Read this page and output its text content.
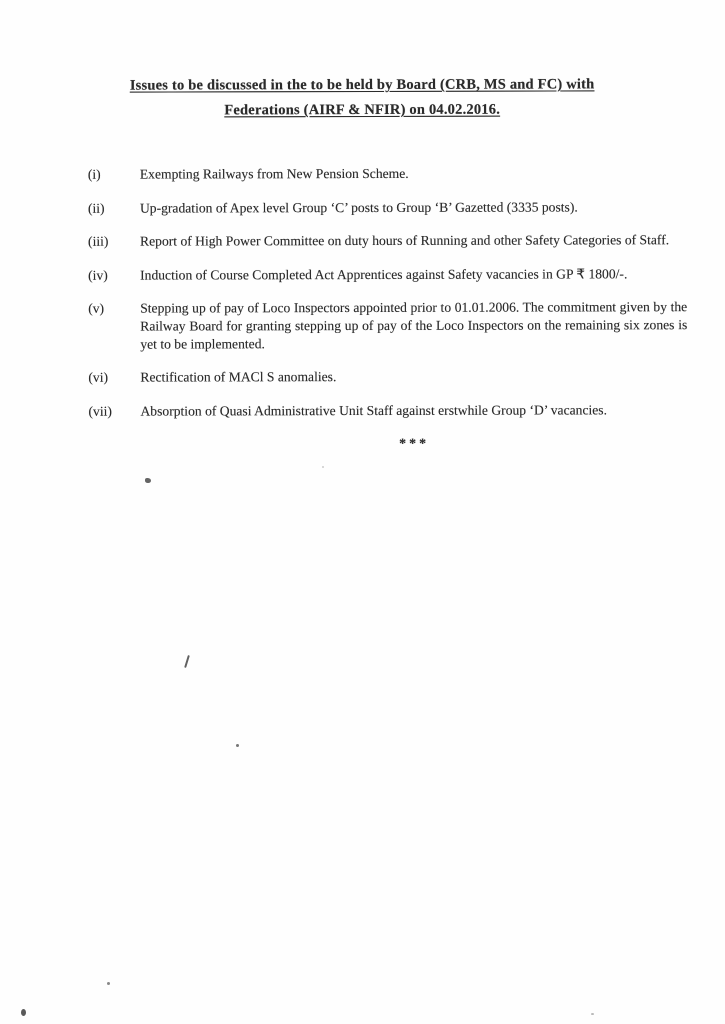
Issues to be discussed in the to be held by Board (CRB, MS and FC) with
Federations (AIRF & NFIR) on 04.02.2016.
(i)	Exempting Railways from New Pension Scheme.
(ii)	Up-gradation of Apex level Group ‘C’ posts to Group ‘B’ Gazetted (3335 posts).
(iii)	Report of High Power Committee on duty hours of Running and other Safety Categories of Staff.
(iv)	Induction of Course Completed Act Apprentices against Safety vacancies in GP ₹ 1800/-.
(v)	Stepping up of pay of Loco Inspectors appointed prior to 01.01.2006. The commitment given by the Railway Board for granting stepping up of pay of the Loco Inspectors on the remaining six zones is yet to be implemented.
(vi)	Rectification of MACl S anomalies.
(vii)	Absorption of Quasi Administrative Unit Staff against erstwhile Group ‘D’ vacancies.
***
